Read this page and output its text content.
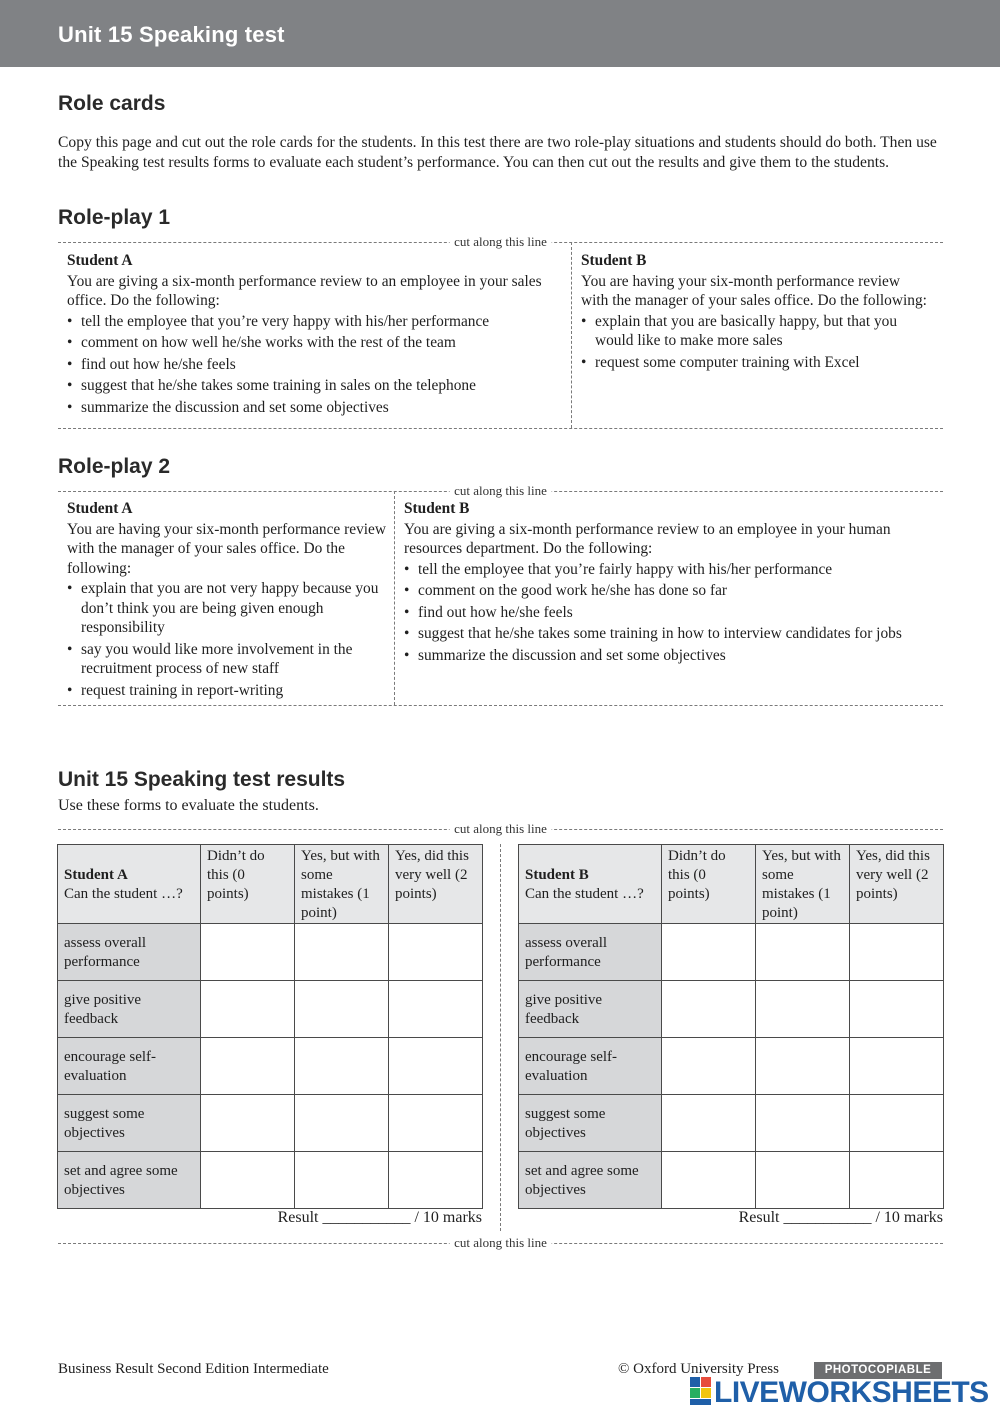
Unit 15 Speaking test
Role cards
Copy this page and cut out the role cards for the students. In this test there are two role-play situations and students should do both. Then use the Speaking test results forms to evaluate each student’s performance. You can then cut out the results and give them to the students.
Role-play 1
cut along this line
Student A
You are giving a six-month performance review to an employee in your sales office. Do the following:
• tell the employee that you’re very happy with his/her performance
• comment on how well he/she works with the rest of the team
• find out how he/she feels
• suggest that he/she takes some training in sales on the telephone
• summarize the discussion and set some objectives
Student B
You are having your six-month performance review with the manager of your sales office. Do the following:
• explain that you are basically happy, but that you would like to make more sales
• request some computer training with Excel
Role-play 2
cut along this line
Student A
You are having your six-month performance review with the manager of your sales office. Do the following:
• explain that you are not very happy because you don’t think you are being given enough responsibility
• say you would like more involvement in the recruitment process of new staff
• request training in report-writing
Student B
You are giving a six-month performance review to an employee in your human resources department. Do the following:
• tell the employee that you’re fairly happy with his/her performance
• comment on the good work he/she has done so far
• find out how he/she feels
• suggest that he/she takes some training in how to interview candidates for jobs
• summarize the discussion and set some objectives
Unit 15 Speaking test results
Use these forms to evaluate the students.
cut along this line
cut along this line
Student A
Can the student …?	Didn’t do this (0 points)	Yes, but with some mistakes (1 point)	Yes, did this very well (2 points)
assess overall performance			
give positive feedback			
encourage self-evaluation			
suggest some objectives			
set and agree some objectives			
Result ___________ / 10 marks
Student B
Can the student …?	Didn’t do this (0 points)	Yes, but with some mistakes (1 point)	Yes, did this very well (2 points)
assess overall performance			
give positive feedback			
encourage self-evaluation			
suggest some objectives			
set and agree some objectives			
Result ___________ / 10 marks
Business Result Second Edition Intermediate	© Oxford University Press	PHOTOCOPIABLE
LIVEWORKSHEETS
